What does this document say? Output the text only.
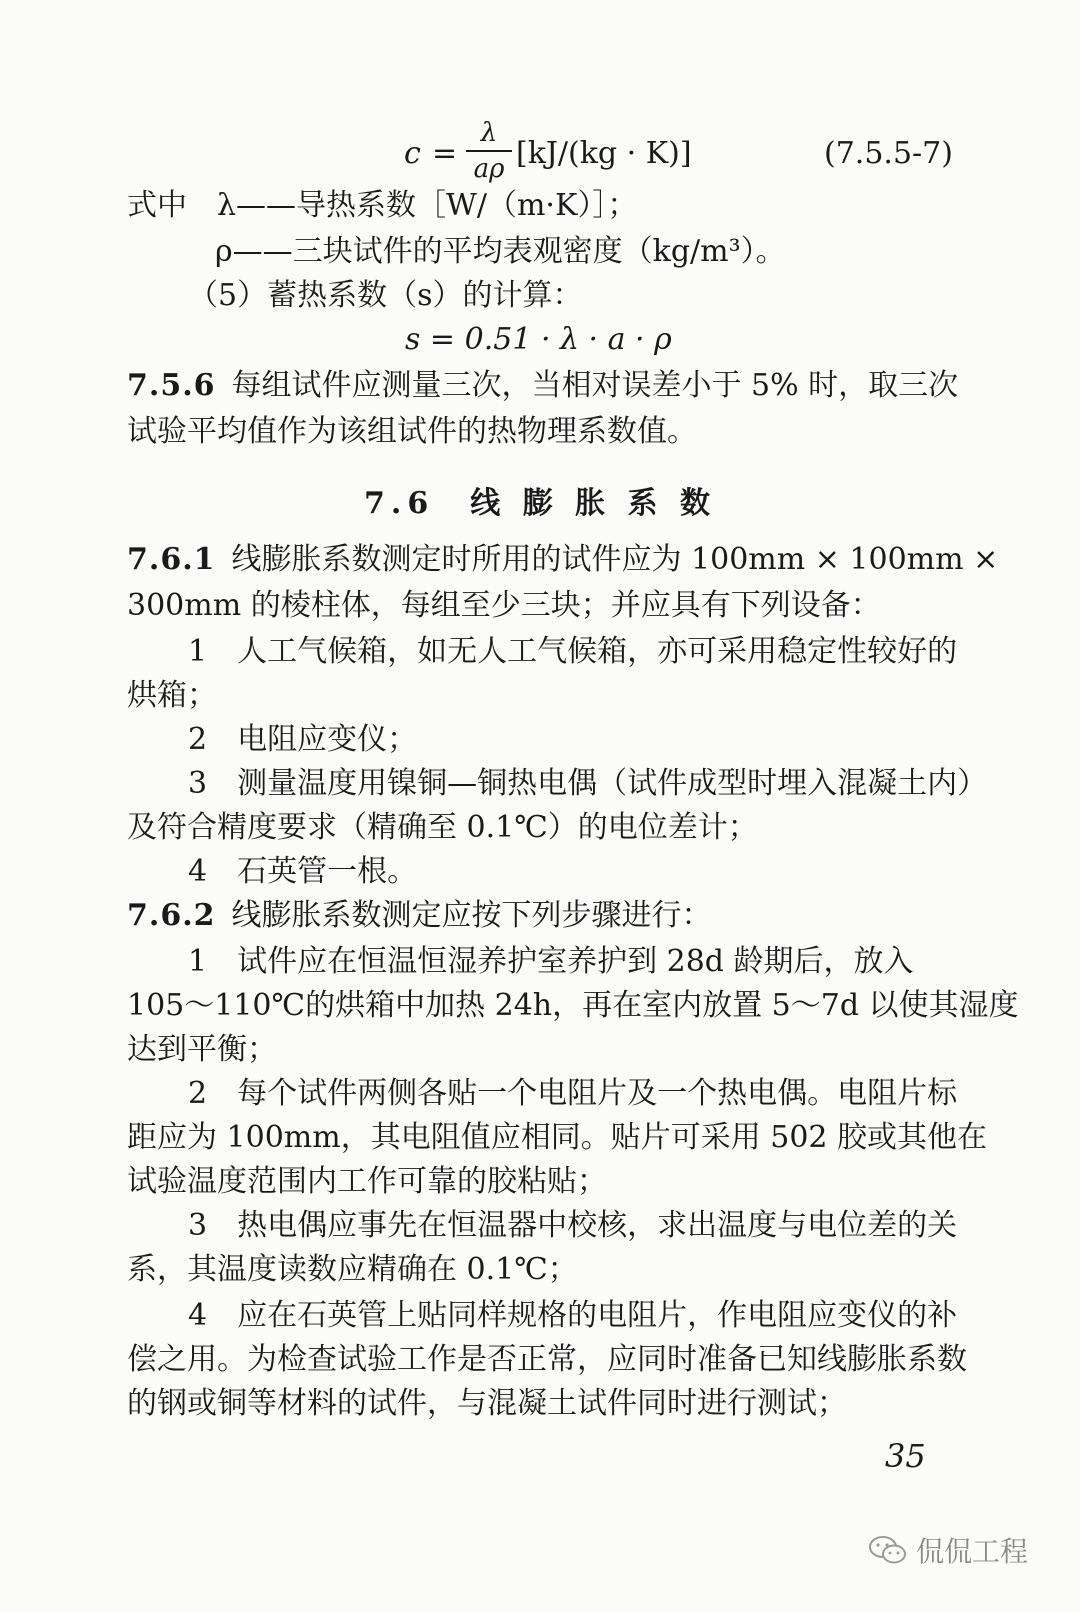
c =
λ
aρ [kJ/(kg · K)]	(7.5.5-7)
式中　λ——导热系数［W/（m·K）］；
ρ——三块试件的平均表观密度（kg/m³）。
（5）蓄热系数（s）的计算：
s = 0.51 · λ · a · ρ
7.5.6 每组试件应测量三次，当相对误差小于 5% 时，取三次
试验平均值作为该组试件的热物理系数值。
7.6　线 膨 胀 系 数
7.6.1 线膨胀系数测定时所用的试件应为 100mm × 100mm ×
300mm 的棱柱体，每组至少三块；并应具有下列设备：
1　人工气候箱，如无人工气候箱，亦可采用稳定性较好的
烘箱；
2　电阻应变仪；
3　测量温度用镍铜—铜热电偶（试件成型时埋入混凝土内）
及符合精度要求（精确至 0.1℃）的电位差计；
4　石英管一根。
7.6.2 线膨胀系数测定应按下列步骤进行：
1　试件应在恒温恒湿养护室养护到 28d 龄期后，放入
105～110℃的烘箱中加热 24h，再在室内放置 5～7d 以使其湿度
达到平衡；
2　每个试件两侧各贴一个电阻片及一个热电偶。电阻片标
距应为 100mm，其电阻值应相同。贴片可采用 502 胶或其他在
试验温度范围内工作可靠的胶粘贴；
3　热电偶应事先在恒温器中校核，求出温度与电位差的关
系，其温度读数应精确在 0.1℃；
4　应在石英管上贴同样规格的电阻片，作电阻应变仪的补
偿之用。为检查试验工作是否正常，应同时准备已知线膨胀系数
的钢或铜等材料的试件，与混凝土试件同时进行测试；
35
侃侃工程
